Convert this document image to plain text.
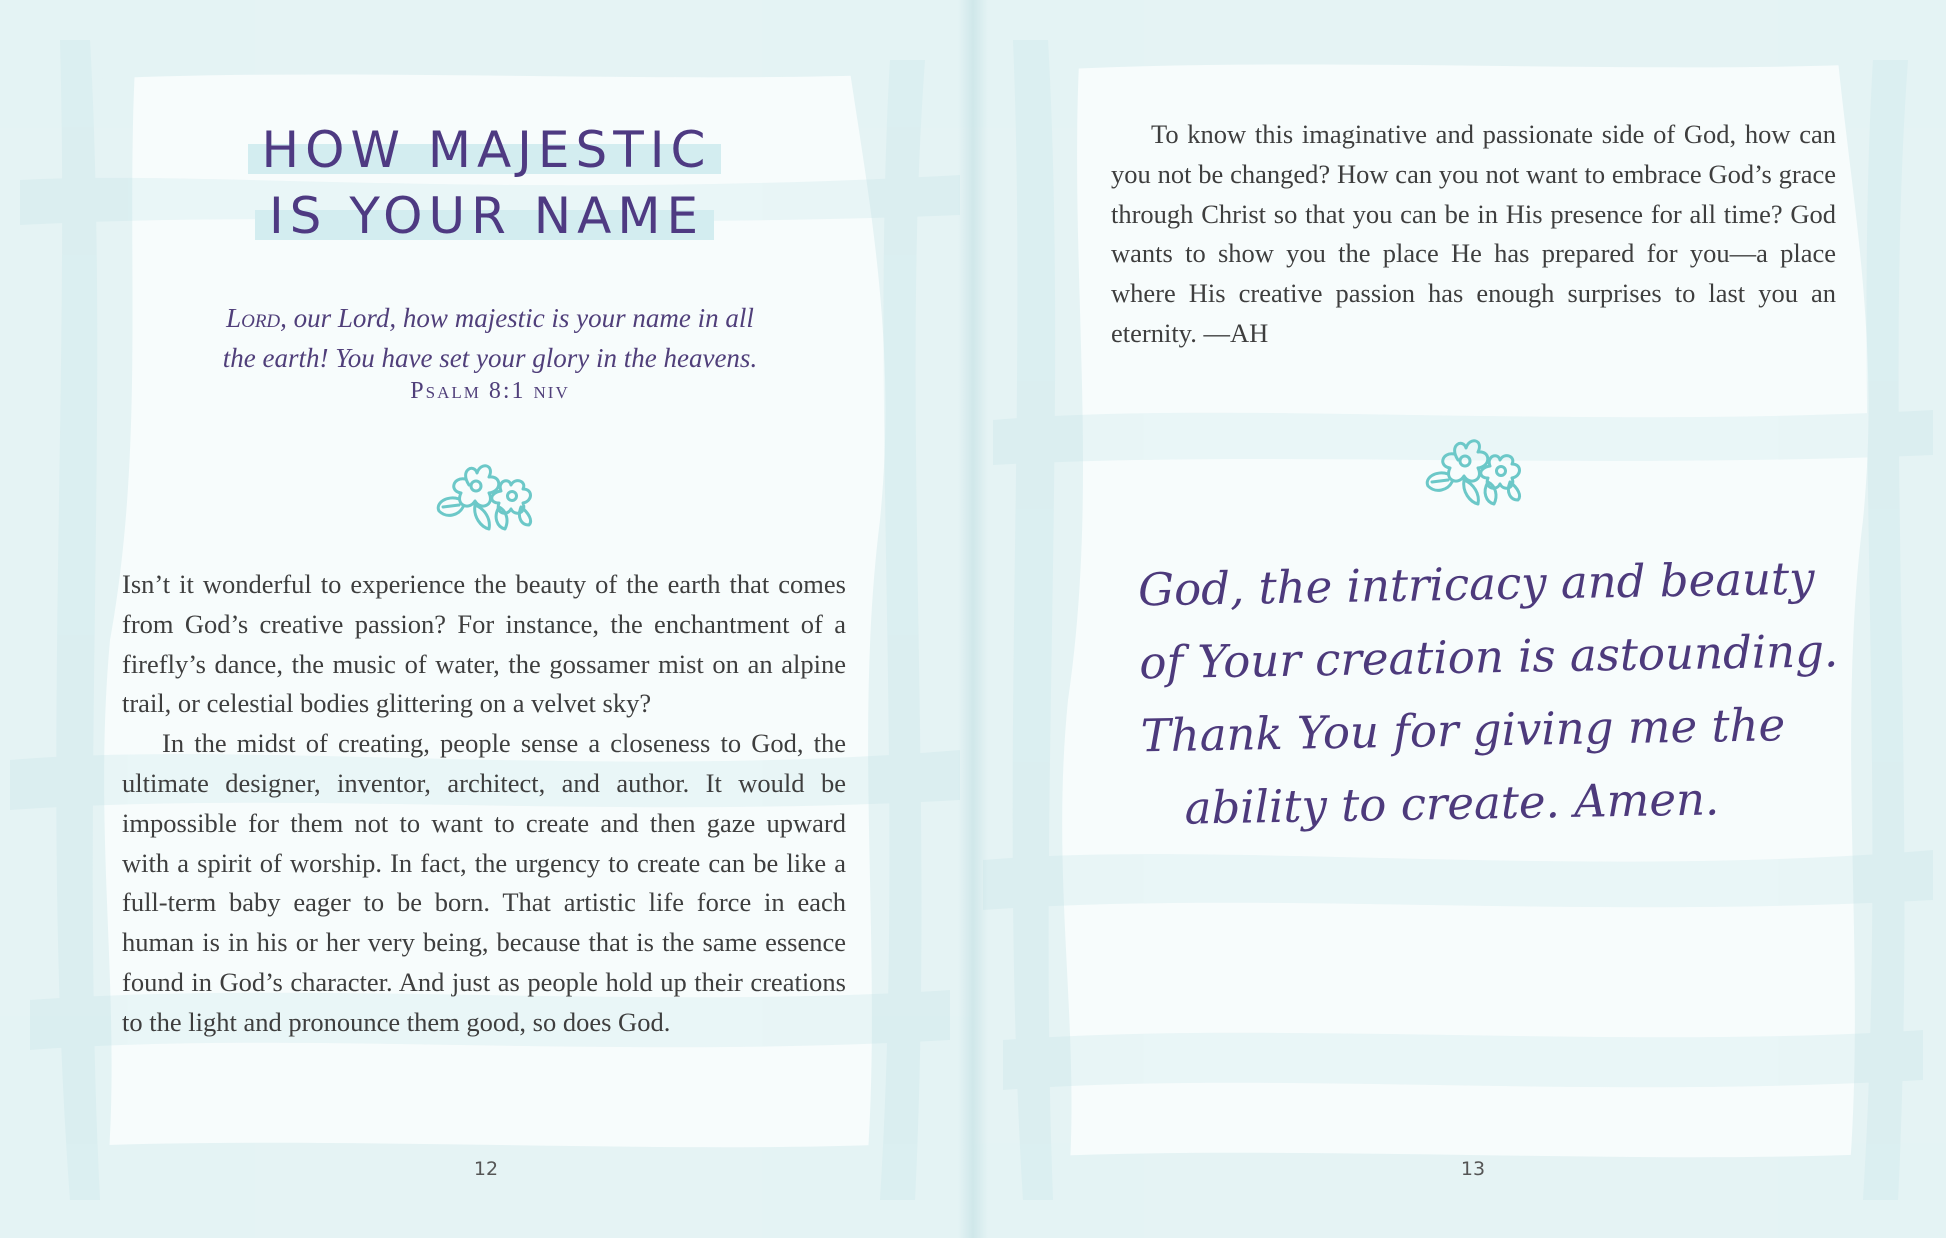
HOW MAJESTIC

IS YOUR NAME
Lord, our Lord, how majestic is your name in all
the earth! You have set your glory in the heavens.
Psalm 8:1 niv

Isn’t it wonderful to experience the beauty of the earth that comes from God’s creative passion? For instance, the enchantment of a firefly’s dance, the music of water, the gossamer mist on an alpine trail, or celestial bodies glittering on a velvet sky?

In the midst of creating, people sense a closeness to God, the ultimate designer, inventor, architect, and author. It would be impossible for them not to want to create and then gaze upward with a spirit of worship. In fact, the urgency to create can be like a full-term baby eager to be born. That artistic life force in each human is in his or her very being, because that is the same essence found in God’s character. And just as people hold up their creations to the light and pronounce them good, so does God.

12

To know this imaginative and passionate side of God, how can you not be changed? How can you not want to embrace God’s grace through Christ so that you can be in His presence for all time? God wants to show you the place He has prepared for you—a place where His creative passion has enough surprises to last you an eternity. —AH

God, the intricacy and beauty
of Your creation is astounding.
Thank You for giving me the
ability to create. Amen.
13
